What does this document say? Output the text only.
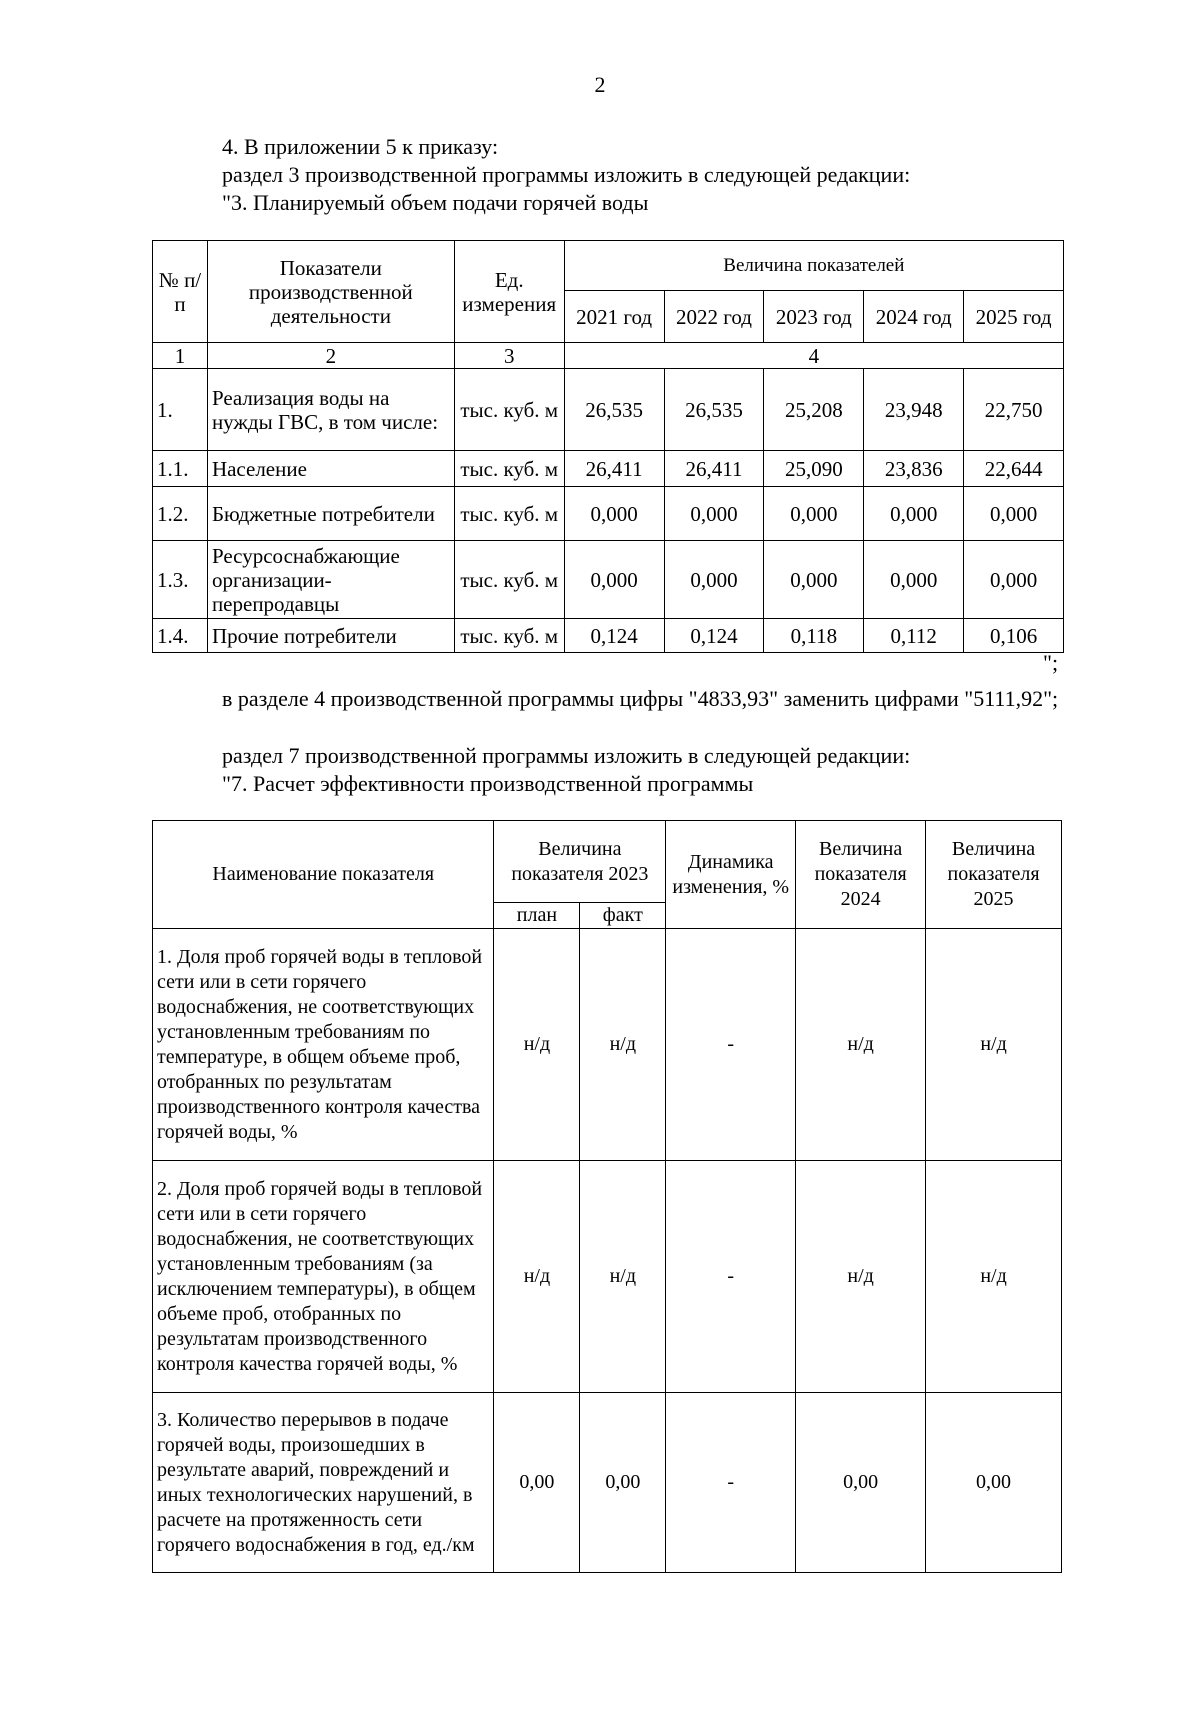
2
4. В приложении 5 к приказу:
раздел 3 производственной программы изложить в следующей редакции:
"3. Планируемый объем подачи горячей воды
№ п/п	Показатели производственной деятельности	Ед. измерения	Величина показателей				
			2021 год	2022 год	2023 год	2024 год	2025 год
1	2	3	4				
1.	Реализация воды на нужды ГВС, в том числе:	тыс. куб. м	26,535	26,535	25,208	23,948	22,750
1.1.	Население	тыс. куб. м	26,411	26,411	25,090	23,836	22,644
1.2.	Бюджетные потребители	тыс. куб. м	0,000	0,000	0,000	0,000	0,000
1.3.	Ресурсоснабжающие организации-перепродавцы	тыс. куб. м	0,000	0,000	0,000	0,000	0,000
1.4.	Прочие потребители	тыс. куб. м	0,124	0,124	0,118	0,112	0,106
";
в разделе 4 производственной программы цифры "4833,93" заменить цифрами "5111,92";
раздел 7 производственной программы изложить в следующей редакции:
"7. Расчет эффективности производственной программы
Наименование показателя	Величина показателя 2023		Динамика изменения, %	Величина показателя 2024	Величина показателя 2025
	план	факт			
1. Доля проб горячей воды в тепловой сети или в сети горячего водоснабжения, не соответствующих установленным требованиям по температуре, в общем объеме проб, отобранных по результатам производственного контроля качества горячей воды, %	н/д	н/д	-	н/д	н/д
2. Доля проб горячей воды в тепловой сети или в сети горячего водоснабжения, не соответствующих установленным требованиям (за исключением температуры), в общем объеме проб, отобранных по результатам производственного контроля качества горячей воды, %	н/д	н/д	-	н/д	н/д
3. Количество перерывов в подаче горячей воды, произошедших в результате аварий, повреждений и иных технологических нарушений, в расчете на протяженность сети горячего водоснабжения в год, ед./км	0,00	0,00	-	0,00	0,00
